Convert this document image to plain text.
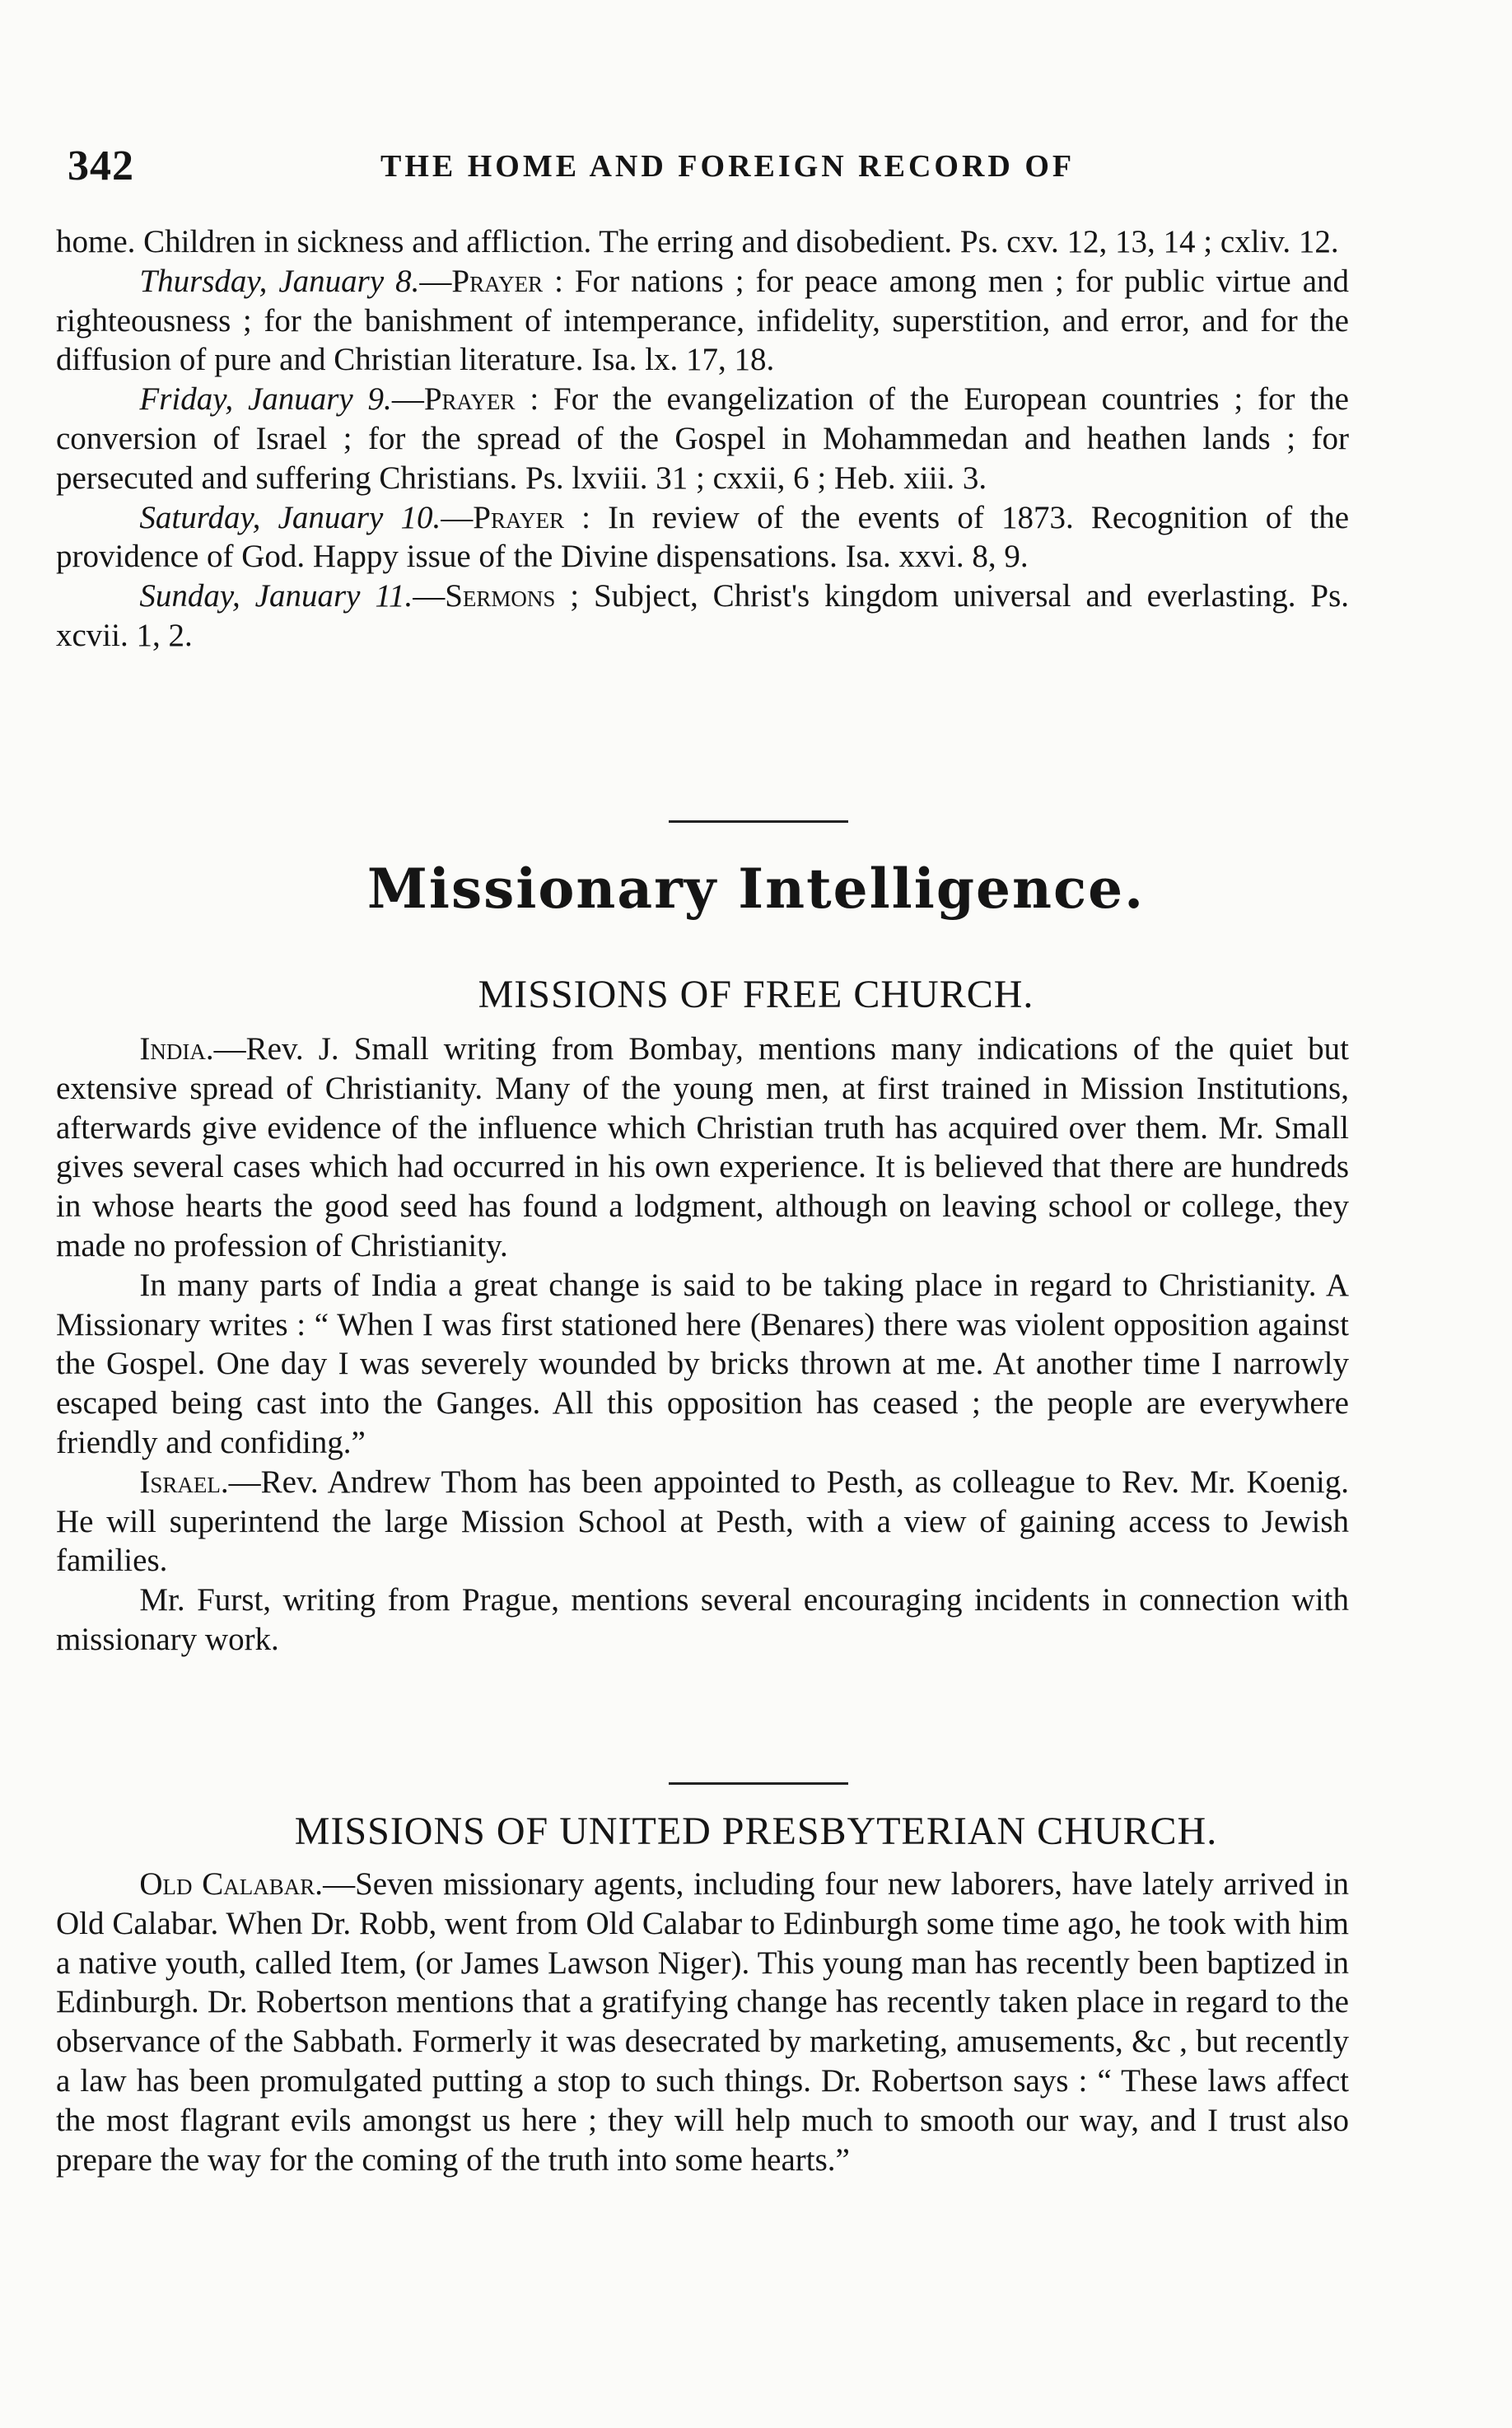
342	THE HOME AND FOREIGN RECORD OF

home. Children in sickness and affliction. The erring and disobedient. Ps. cxv. 12, 13, 14 ; cxliv. 12.

Thursday, January 8.—Prayer : For nations ; for peace among men ; for public virtue and righteousness ; for the banishment of intemperance, infidelity, superstition, and error, and for the diffusion of pure and Christian literature. Isa. lx. 17, 18.

Friday, January 9.—Prayer : For the evangelization of the European countries ; for the conversion of Israel ; for the spread of the Gospel in Mohammedan and heathen lands ; for persecuted and suffering Christians. Ps. lxviii. 31 ; cxxii, 6 ; Heb. xiii. 3.

Saturday, January 10.—Prayer : In review of the events of 1873. Recognition of the providence of God. Happy issue of the Divine dispensations. Isa. xxvi. 8, 9.

Sunday, January 11.—Sermons ; Subject, Christ's kingdom universal and everlasting. Ps. xcvii. 1, 2.

Missionary Intelligence.
MISSIONS OF FREE CHURCH.

India.—Rev. J. Small writing from Bombay, mentions many indications of the quiet but extensive spread of Christianity. Many of the young men, at first trained in Mission Institutions, afterwards give evidence of the influence which Christian truth has acquired over them. Mr. Small gives several cases which had occurred in his own experience. It is believed that there are hundreds in whose hearts the good seed has found a lodgment, although on leaving school or college, they made no profession of Christianity.

In many parts of India a great change is said to be taking place in regard to Christianity. A Missionary writes : “ When I was first stationed here (Benares) there was violent opposition against the Gospel. One day I was severely wounded by bricks thrown at me. At another time I narrowly escaped being cast into the Ganges. All this opposition has ceased ; the people are everywhere friendly and confiding.”

Israel.—Rev. Andrew Thom has been appointed to Pesth, as colleague to Rev. Mr. Koenig. He will superintend the large Mission School at Pesth, with a view of gaining access to Jewish families.

Mr. Furst, writing from Prague, mentions several encouraging incidents in connection with missionary work.

MISSIONS OF UNITED PRESBYTERIAN CHURCH.

Old Calabar.—Seven missionary agents, including four new laborers, have lately arrived in Old Calabar. When Dr. Robb, went from Old Calabar to Edinburgh some time ago, he took with him a native youth, called Item, (or James Lawson Niger). This young man has recently been baptized in Edinburgh. Dr. Robertson mentions that a gratifying change has recently taken place in regard to the observance of the Sabbath. Formerly it was desecrated by marketing, amusements, &c , but recently a law has been promulgated putting a stop to such things. Dr. Robertson says : “ These laws affect the most flagrant evils amongst us here ; they will help much to smooth our way, and I trust also prepare the way for the coming of the truth into some hearts.”
